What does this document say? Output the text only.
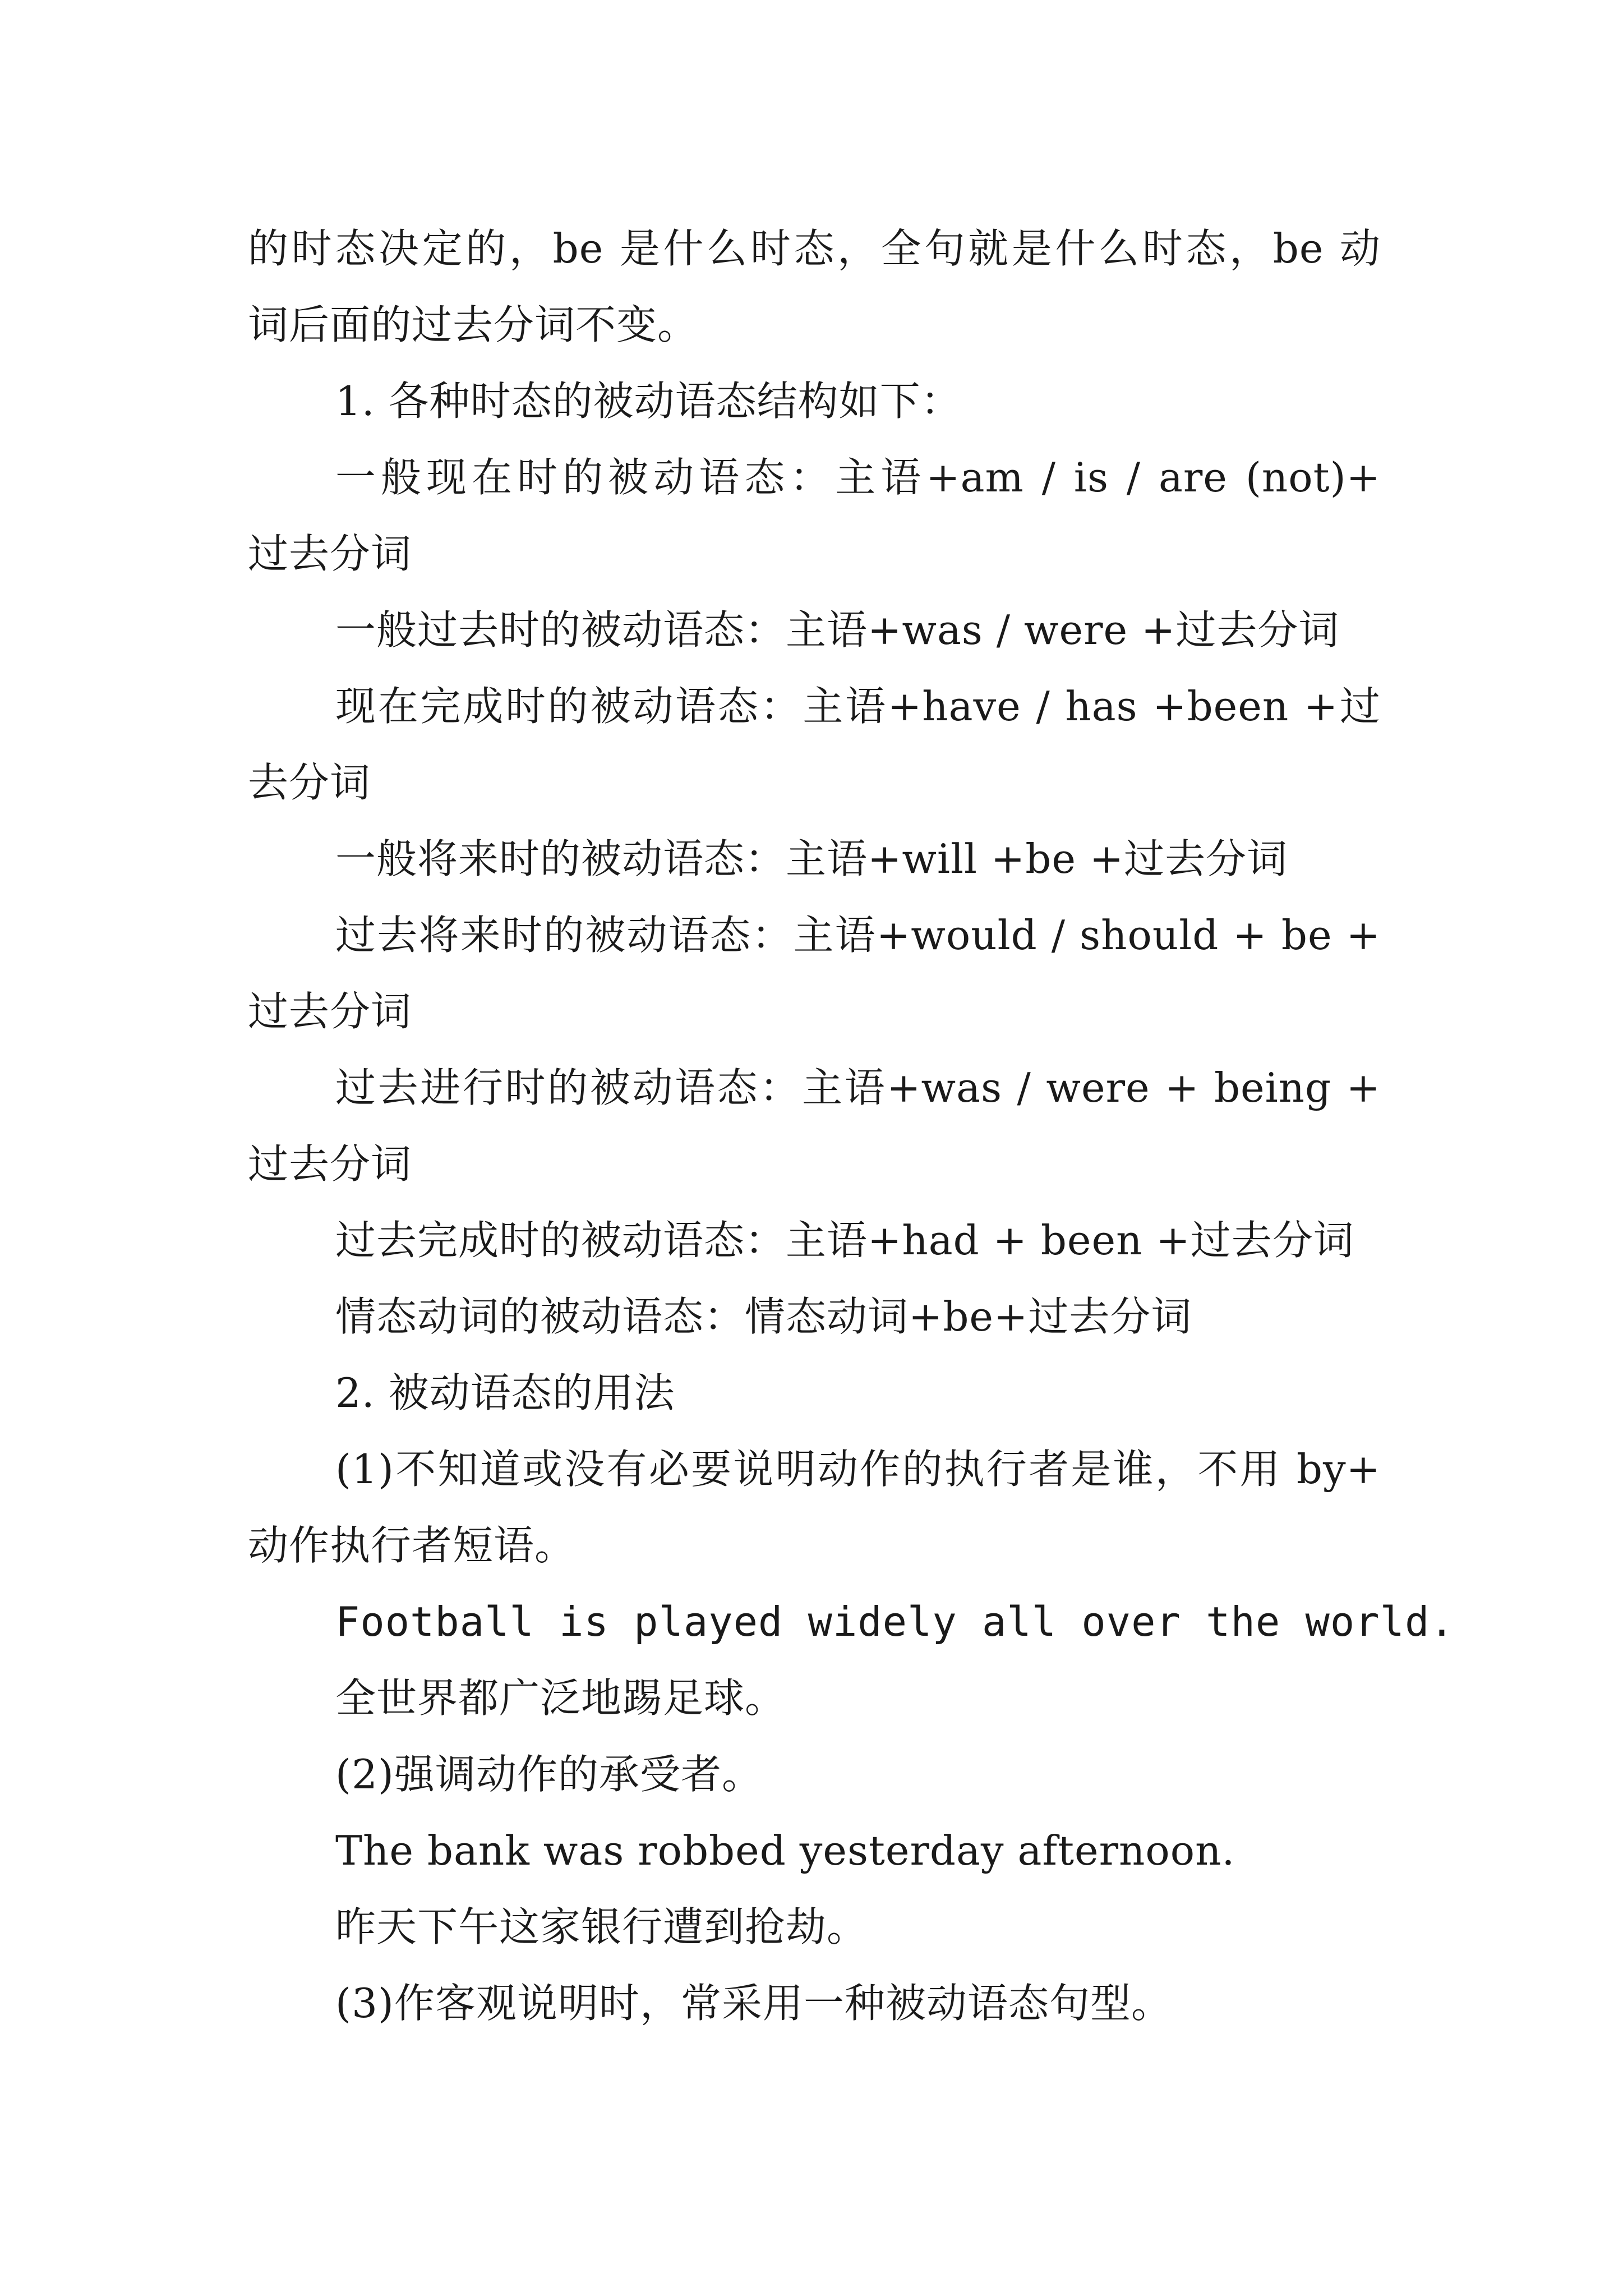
的时态决定的，be 是什么时态，全句就是什么时态，be 动
词后面的过去分词不变。
1. 各种时态的被动语态结构如下：
一般现在时的被动语态：主语+am / is / are (not)+
过去分词
一般过去时的被动语态：主语+was / were +过去分词
现在完成时的被动语态：主语+have / has +been +过
去分词
一般将来时的被动语态：主语+will +be +过去分词
过去将来时的被动语态：主语+would / should + be +
过去分词
过去进行时的被动语态：主语+was / were + being +
过去分词
过去完成时的被动语态：主语+had + been +过去分词
情态动词的被动语态：情态动词+be+过去分词
2. 被动语态的用法
(1)不知道或没有必要说明动作的执行者是谁，不用 by+
动作执行者短语。
Football is played widely all over the world.
全世界都广泛地踢足球。
(2)强调动作的承受者。
The bank was robbed yesterday afternoon.
昨天下午这家银行遭到抢劫。
(3)作客观说明时，常采用一种被动语态句型。
